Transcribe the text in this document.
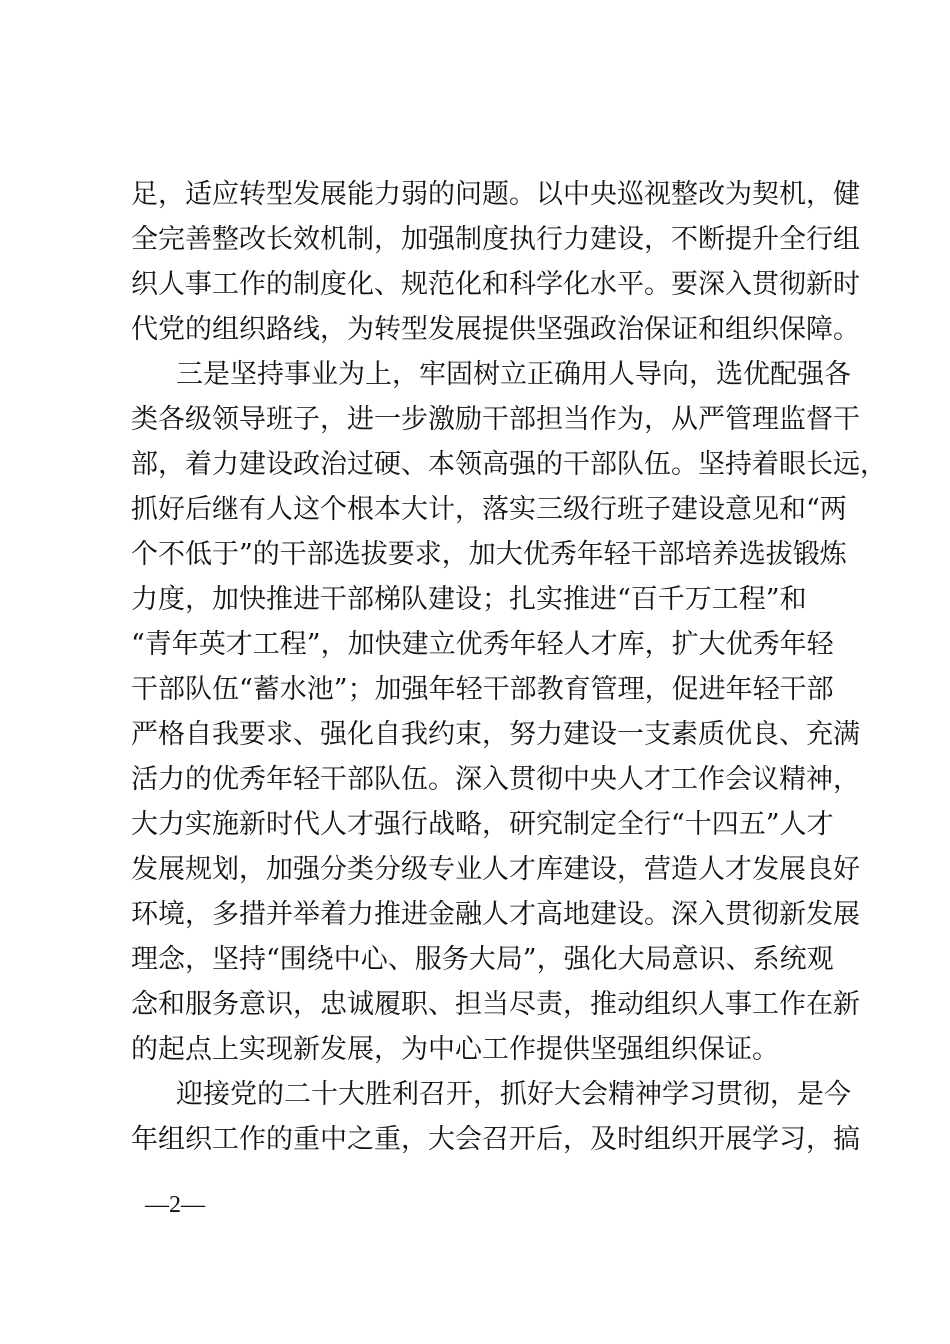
足，适应转型发展能力弱的问题。以中央巡视整改为契机，健
全完善整改长效机制，加强制度执行力建设，不断提升全行组
织人事工作的制度化、规范化和科学化水平。要深入贯彻新时
代党的组织路线，为转型发展提供坚强政治保证和组织保障。
三是坚持事业为上，牢固树立正确用人导向，选优配强各
类各级领导班子，进一步激励干部担当作为，从严管理监督干
部，着力建设政治过硬、本领高强的干部队伍。坚持着眼长远，
抓好后继有人这个根本大计，落实三级行班子建设意见和“两
个不低于”的干部选拔要求，加大优秀年轻干部培养选拔锻炼
力度，加快推进干部梯队建设；扎实推进“百千万工程”和
“青年英才工程”，加快建立优秀年轻人才库，扩大优秀年轻
干部队伍“蓄水池”；加强年轻干部教育管理，促进年轻干部
严格自我要求、强化自我约束，努力建设一支素质优良、充满
活力的优秀年轻干部队伍。深入贯彻中央人才工作会议精神，
大力实施新时代人才强行战略，研究制定全行“十四五”人才
发展规划，加强分类分级专业人才库建设，营造人才发展良好
环境，多措并举着力推进金融人才高地建设。深入贯彻新发展
理念，坚持“围绕中心、服务大局”，强化大局意识、系统观
念和服务意识，忠诚履职、担当尽责，推动组织人事工作在新
的起点上实现新发展，为中心工作提供坚强组织保证。
迎接党的二十大胜利召开，抓好大会精神学习贯彻，是今
年组织工作的重中之重，大会召开后，及时组织开展学习，搞
—2—
